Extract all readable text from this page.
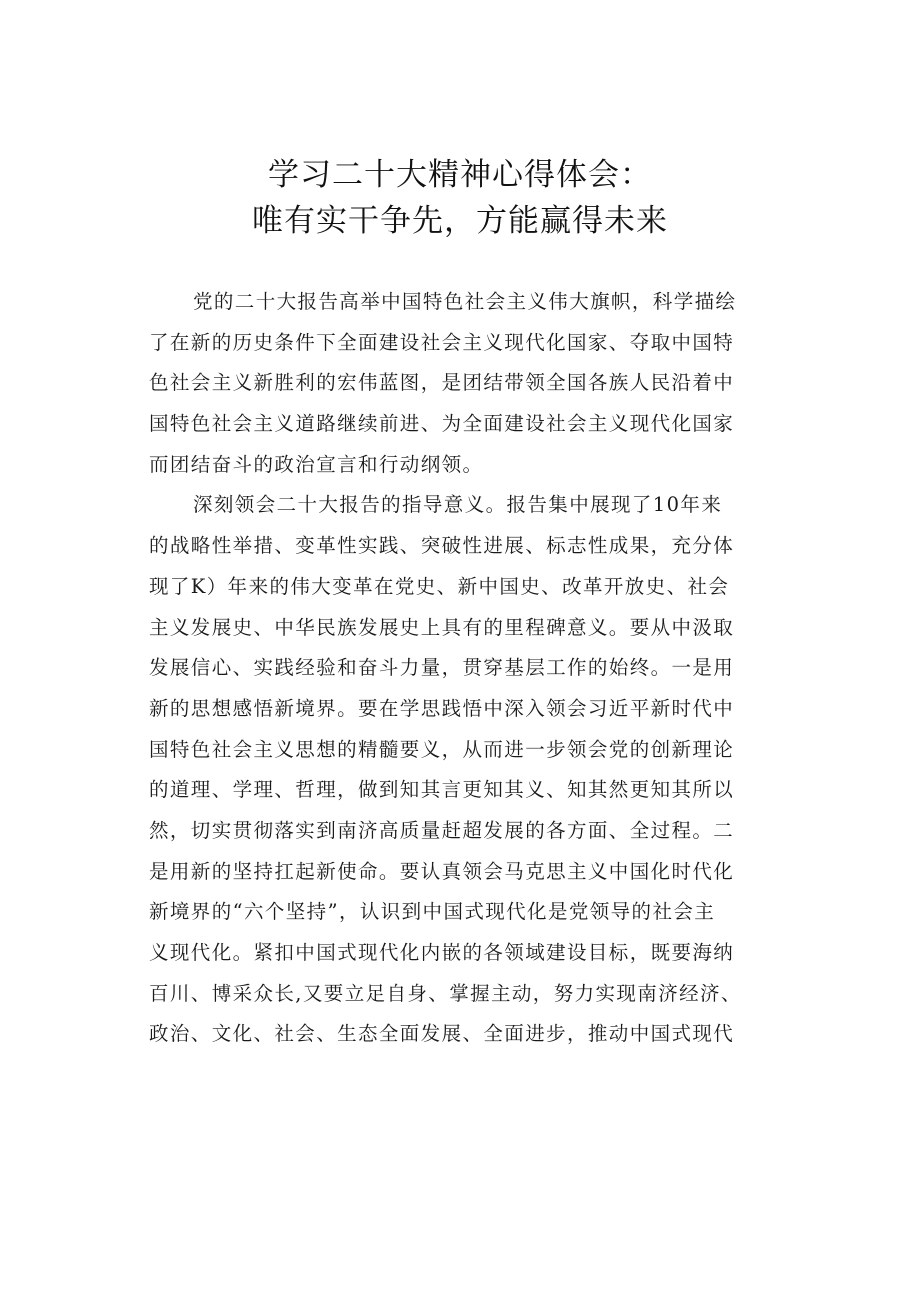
学习二十大精神心得体会：
唯有实干争先，方能赢得未来
党的二十大报告高举中国特色社会主义伟大旗帜，科学描绘
了在新的历史条件下全面建设社会主义现代化国家、夺取中国特
色社会主义新胜利的宏伟蓝图，是团结带领全国各族人民沿着中
国特色社会主义道路继续前进、为全面建设社会主义现代化国家
而团结奋斗的政治宣言和行动纲领。
深刻领会二十大报告的指导意义。报告集中展现了10年来
的战略性举措、变革性实践、突破性进展、标志性成果，充分体
现了K）年来的伟大变革在党史、新中国史、改革开放史、社会
主义发展史、中华民族发展史上具有的里程碑意义。要从中汲取
发展信心、实践经验和奋斗力量，贯穿基层工作的始终。一是用
新的思想感悟新境界。要在学思践悟中深入领会习近平新时代中
国特色社会主义思想的精髓要义，从而进一步领会党的创新理论
的道理、学理、哲理，做到知其言更知其义、知其然更知其所以
然，切实贯彻落实到南济高质量赶超发展的各方面、全过程。二
是用新的坚持扛起新使命。要认真领会马克思主义中国化时代化
新境界的“六个坚持”，认识到中国式现代化是党领导的社会主
义现代化。紧扣中国式现代化内嵌的各领域建设目标，既要海纳
百川、博采众长,又要立足自身、掌握主动，努力实现南济经济、
政治、文化、社会、生态全面发展、全面进步，推动中国式现代
